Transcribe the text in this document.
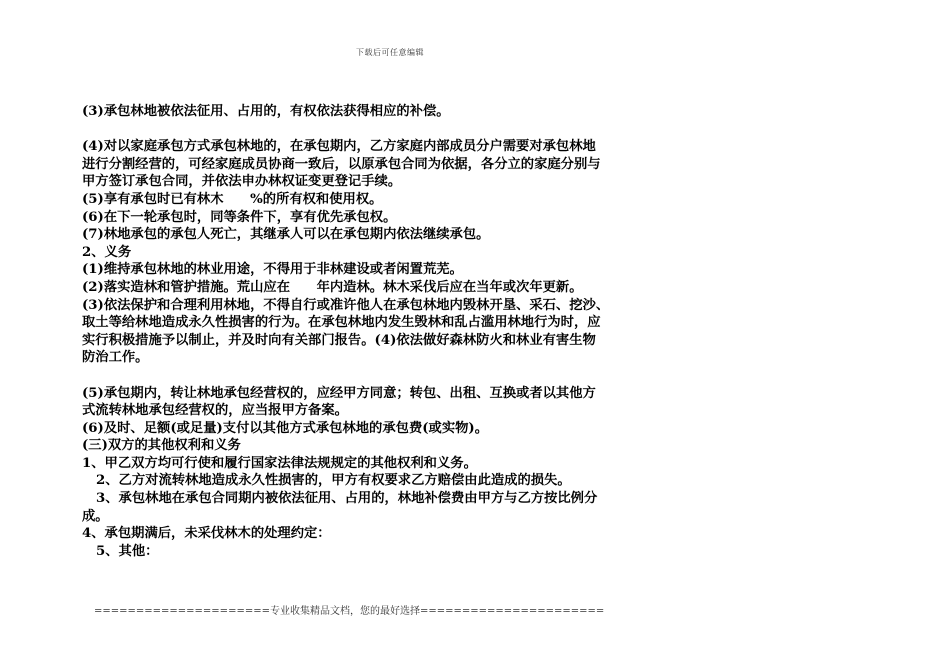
下载后可任意编辑
(3)承包林地被依法征用、占用的，有权依法获得相应的补偿。
(4)对以家庭承包方式承包林地的，在承包期内，乙方家庭内部成员分户需要对承包林地
进行分割经营的，可经家庭成员协商一致后，以原承包合同为依据，各分立的家庭分别与
甲方签订承包合同，并依法申办林权证变更登记手续。
(5)享有承包时已有林木　　%的所有权和使用权。
(6)在下一轮承包时，同等条件下，享有优先承包权。
(7)林地承包的承包人死亡，其继承人可以在承包期内依法继续承包。
2、义务
(1)维持承包林地的林业用途，不得用于非林建设或者闲置荒芜。
(2)落实造林和管护措施。荒山应在　　年内造林。林木采伐后应在当年或次年更新。
(3)依法保护和合理利用林地，不得自行或准许他人在承包林地内毁林开垦、采石、挖沙、
取土等给林地造成永久性损害的行为。在承包林地内发生毁林和乱占滥用林地行为时，应
实行积极措施予以制止，并及时向有关部门报告。(4)依法做好森林防火和林业有害生物
防治工作。
(5)承包期内，转让林地承包经营权的，应经甲方同意；转包、出租、互换或者以其他方
式流转林地承包经营权的，应当报甲方备案。
(6)及时、足额(或足量)支付以其他方式承包林地的承包费(或实物)。
(三)双方的其他权利和义务
1、甲乙双方均可行使和履行国家法律法规规定的其他权利和义务。
2、乙方对流转林地造成永久性损害的，甲方有权要求乙方赔偿由此造成的损失。
3、承包林地在承包合同期内被依法征用、占用的，林地补偿费由甲方与乙方按比例分
成。
4、承包期满后，未采伐林木的处理约定：
5、其他：
=====================专业收集精品文档，您的最好选择======================
